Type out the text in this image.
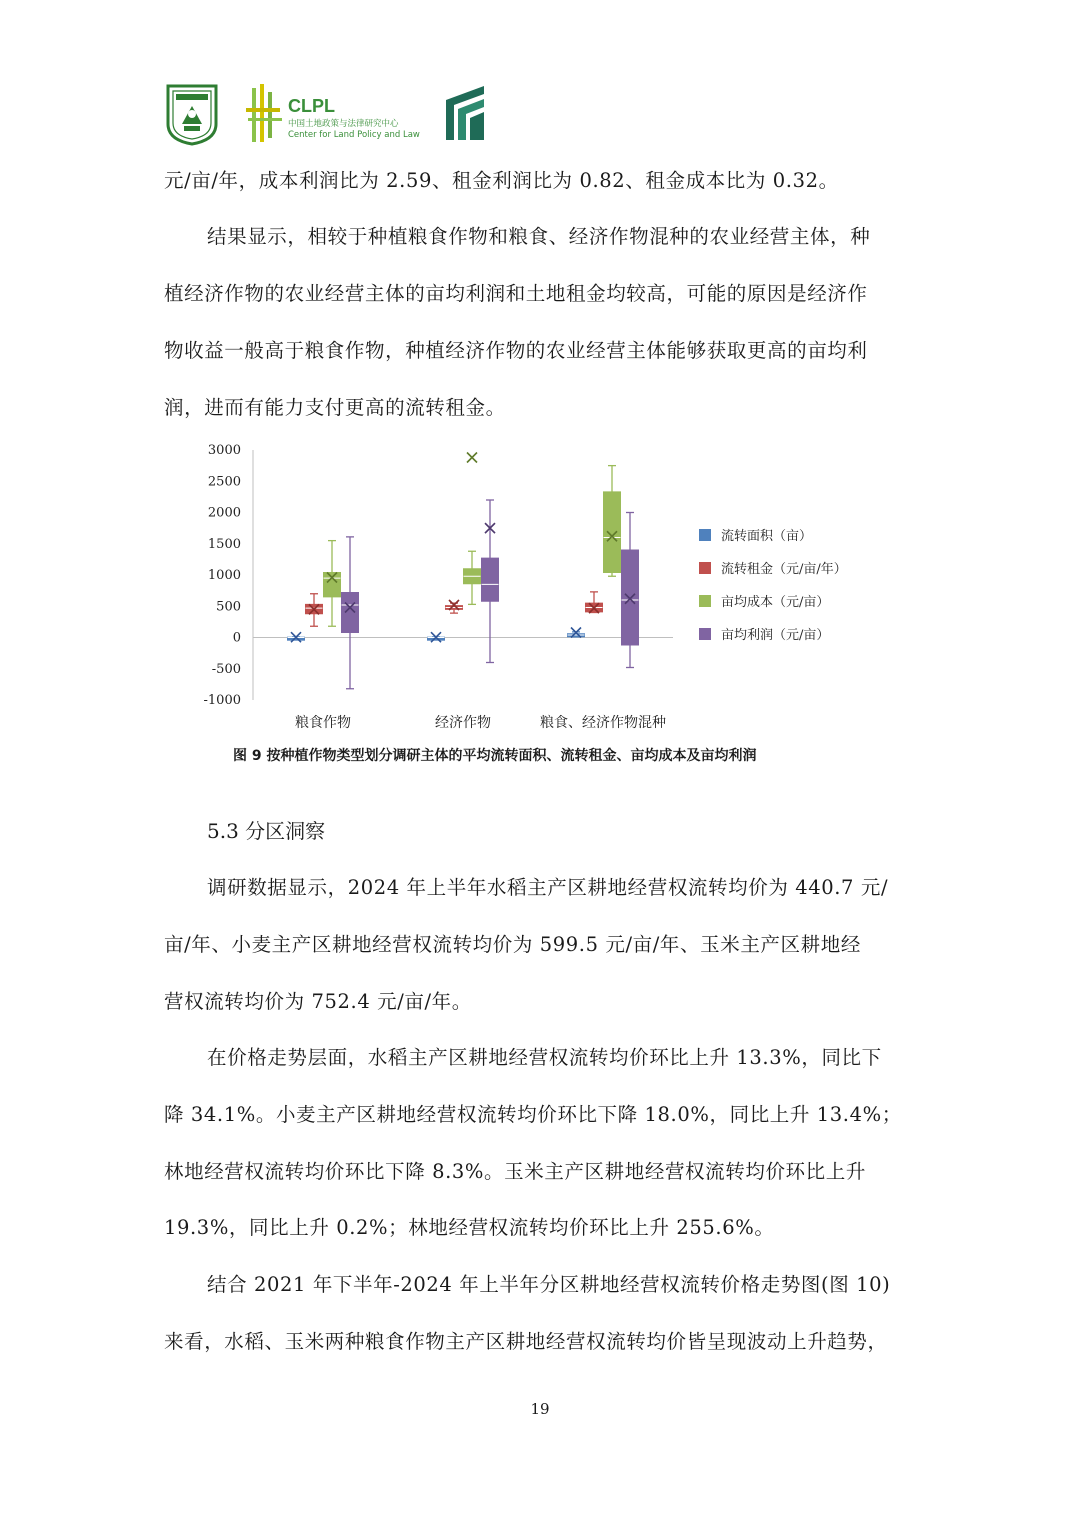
CLPL
中国土地政策与法律研究中心
Center for Land Policy and Law
元/亩/年，成本利润比为 2.59、租金利润比为 0.82、租金成本比为 0.32。
结果显示，相较于种植粮食作物和粮食、经济作物混种的农业经营主体，种
植经济作物的农业经营主体的亩均利润和土地租金均较高，可能的原因是经济作
物收益一般高于粮食作物，种植经济作物的农业经营主体能够获取更高的亩均利
润，进而有能力支付更高的流转租金。
3000
2500
2000
1500
1000
500
0
-500
-1000
粮食作物	经济作物	粮食、经济作物混种
流转面积（亩）
流转租金（元/亩/年）
亩均成本（元/亩）
亩均利润（元/亩）
图 9 按种植作物类型划分调研主体的平均流转面积、流转租金、亩均成本及亩均利润
5.3 分区洞察
调研数据显示，2024 年上半年水稻主产区耕地经营权流转均价为 440.7 元/
亩/年、小麦主产区耕地经营权流转均价为 599.5 元/亩/年、玉米主产区耕地经
营权流转均价为 752.4 元/亩/年。
在价格走势层面，水稻主产区耕地经营权流转均价环比上升 13.3%，同比下
降 34.1%。小麦主产区耕地经营权流转均价环比下降 18.0%，同比上升 13.4%；
林地经营权流转均价环比下降 8.3%。玉米主产区耕地经营权流转均价环比上升
19.3%，同比上升 0.2%；林地经营权流转均价环比上升 255.6%。
结合 2021 年下半年-2024 年上半年分区耕地经营权流转价格走势图(图 10)
来看，水稻、玉米两种粮食作物主产区耕地经营权流转均价皆呈现波动上升趋势，
19
